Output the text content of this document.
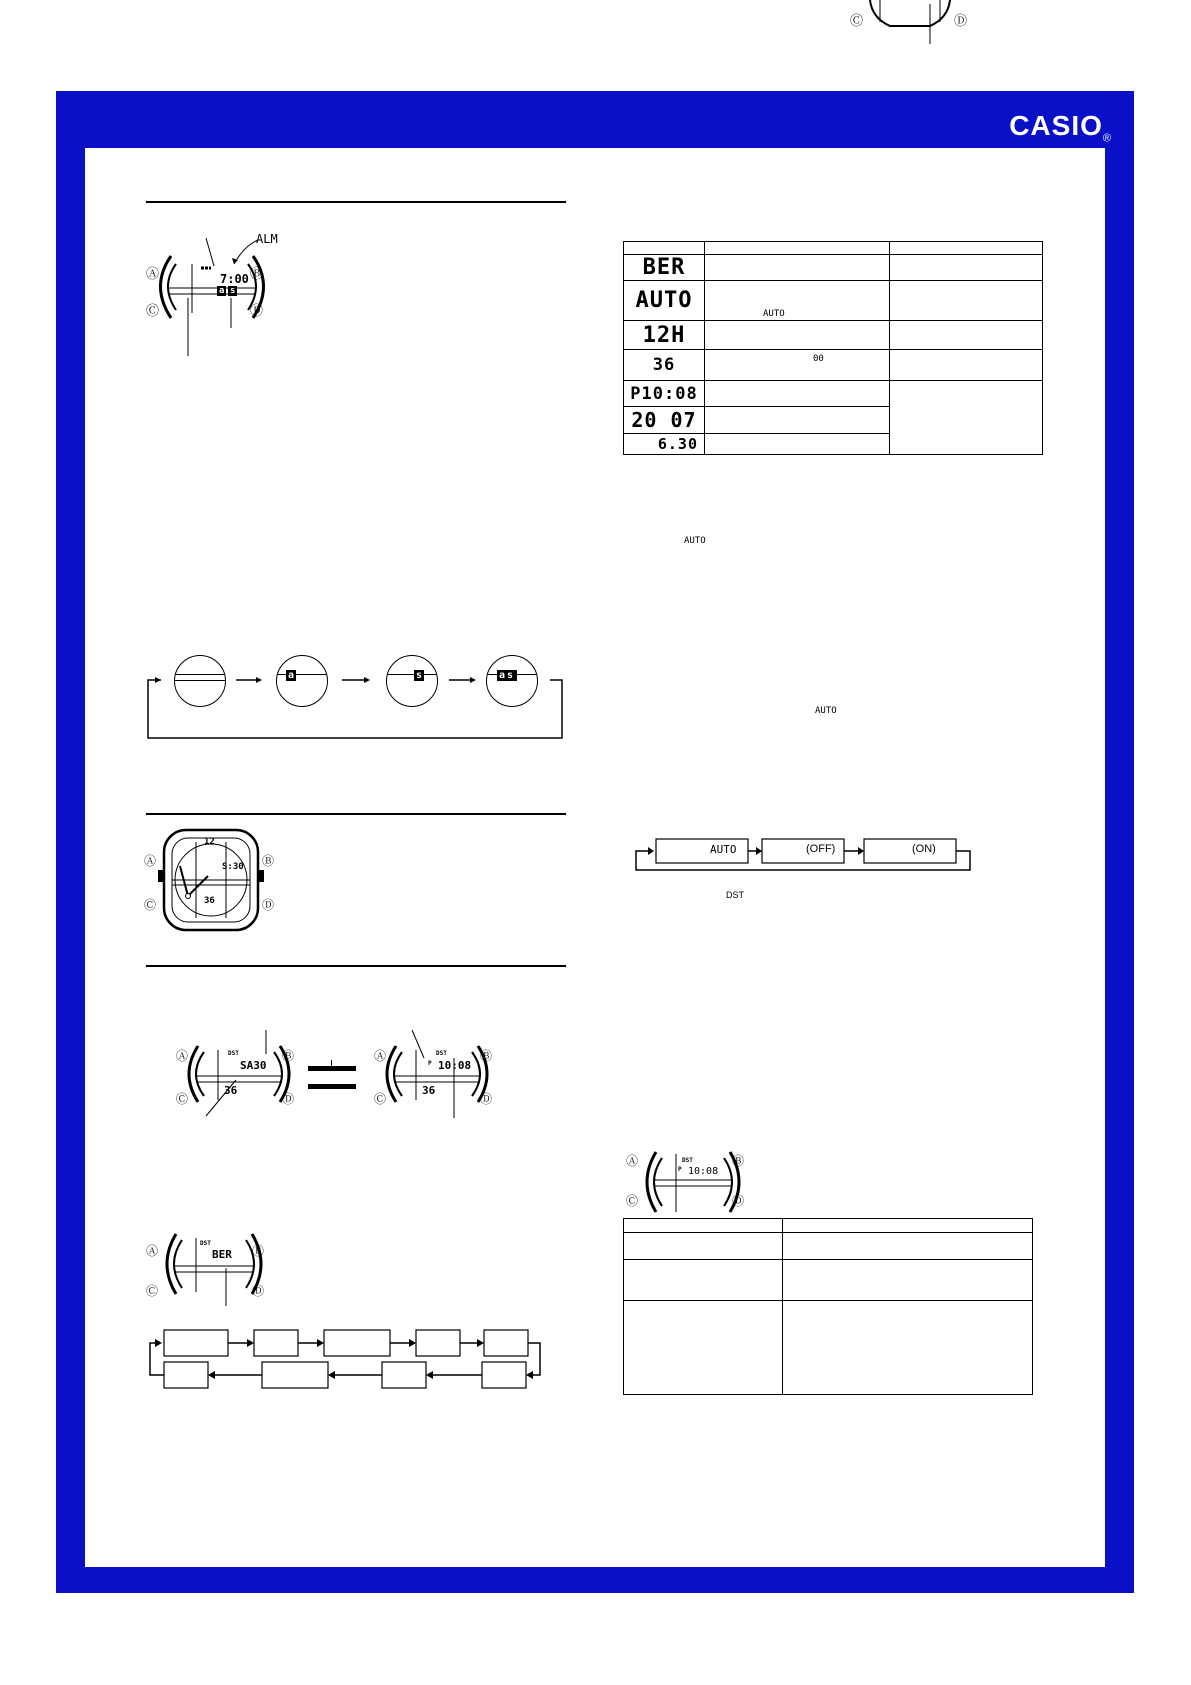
Ⓒ	Ⓓ
$CASIO_®$
Ⓐ	Ⓑ
Ⓒ	Ⓓ
ALM
7:00
a s
a	s	as
Ⓐ	Ⓑ
Ⓒ	Ⓓ
12
S:30
36
DST
SA30
36
Ⓐ	Ⓑ
Ⓒ	Ⓓ
DST
P 10:08
36
Ⓐ	Ⓑ
Ⓒ	Ⓓ
DST
BER
Ⓐ	Ⓑ
Ⓒ	Ⓓ

BER		
AUTO	AUTO	

12H		
36	00	

P10:08		
20 07		
6.30		
AUTO
AUTO
AUTO	(OFF)	(ON)
DST
DST
P 10:08
Ⓐ	Ⓑ
Ⓒ	Ⓓ
